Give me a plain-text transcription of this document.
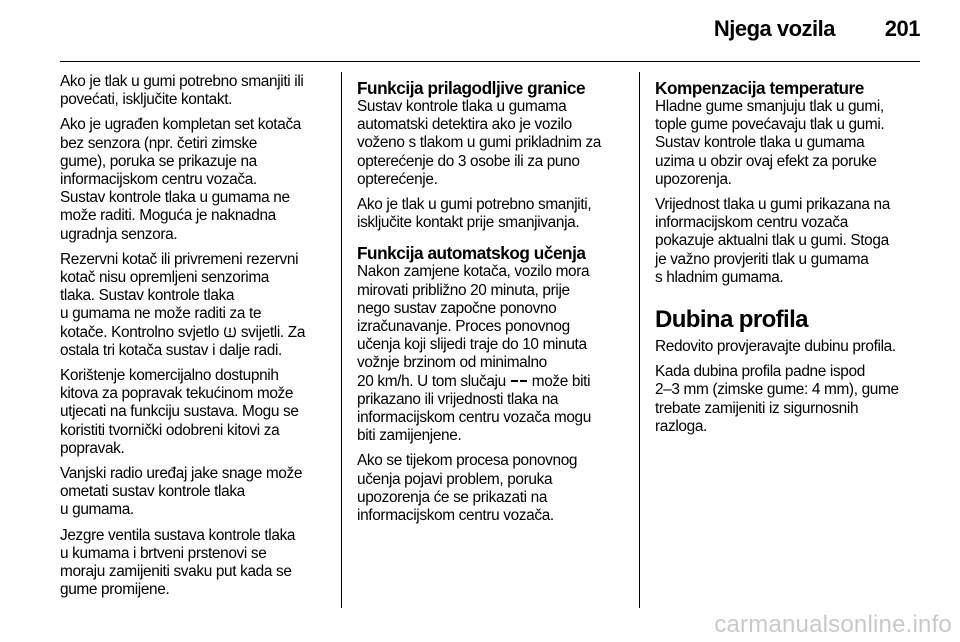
Njega vozila 201

Ako je tlak u gumi potrebno smanjiti ili
povećati, isključite kontakt.

Ako je ugrađen kompletan set kotača
bez senzora (npr. četiri zimske
gume), poruka se prikazuje na
informacijskom centru vozača.
Sustav kontrole tlaka u gumama ne
može raditi. Moguća je naknadna
ugradnja senzora.

Rezervni kotač ili privremeni rezervni
kotač nisu opremljeni senzorima
tlaka. Sustav kontrole tlaka
u gumama ne može raditi za te
kotače. Kontrolno svjetlo svijetli. Za
ostala tri kotača sustav i dalje radi.

Korištenje komercijalno dostupnih
kitova za popravak tekućinom može
utjecati na funkciju sustava. Mogu se
koristiti tvornički odobreni kitovi za
popravak.

Vanjski radio uređaj jake snage može
ometati sustav kontrole tlaka
u gumama.

Jezgre ventila sustava kontrole tlaka
u kumama i brtveni prstenovi se
moraju zamijeniti svaku put kada se
gume promijene.

Funkcija prilagodljive granice

Sustav kontrole tlaka u gumama
automatski detektira ako je vozilo
voženo s tlakom u gumi prikladnim za
opterećenje do 3 osobe ili za puno
opterećenje.

Ako je tlak u gumi potrebno smanjiti,
isključite kontakt prije smanjivanja.

Funkcija automatskog učenja

Nakon zamjene kotača, vozilo mora
mirovati približno 20 minuta, prije
nego sustav započne ponovno
izračunavanje. Proces ponovnog
učenja koji slijedi traje do 10 minuta
vožnje brzinom od minimalno
20 km/h. U tom slučaju može biti
prikazano ili vrijednosti tlaka na
informacijskom centru vozača mogu
biti zamijenjene.

Ako se tijekom procesa ponovnog
učenja pojavi problem, poruka
upozorenja će se prikazati na
informacijskom centru vozača.

Kompenzacija temperature

Hladne gume smanjuju tlak u gumi,
tople gume povećavaju tlak u gumi.
Sustav kontrole tlaka u gumama
uzima u obzir ovaj efekt za poruke
upozorenja.

Vrijednost tlaka u gumi prikazana na
informacijskom centru vozača
pokazuje aktualni tlak u gumi. Stoga
je važno provjeriti tlak u gumama
s hladnim gumama.

Dubina profila

Redovito provjeravajte dubinu profila.

Kada dubina profila padne ispod
2–3 mm (zimske gume: 4 mm), gume
trebate zamijeniti iz sigurnosnih
razloga.

carmanualsonline.info
